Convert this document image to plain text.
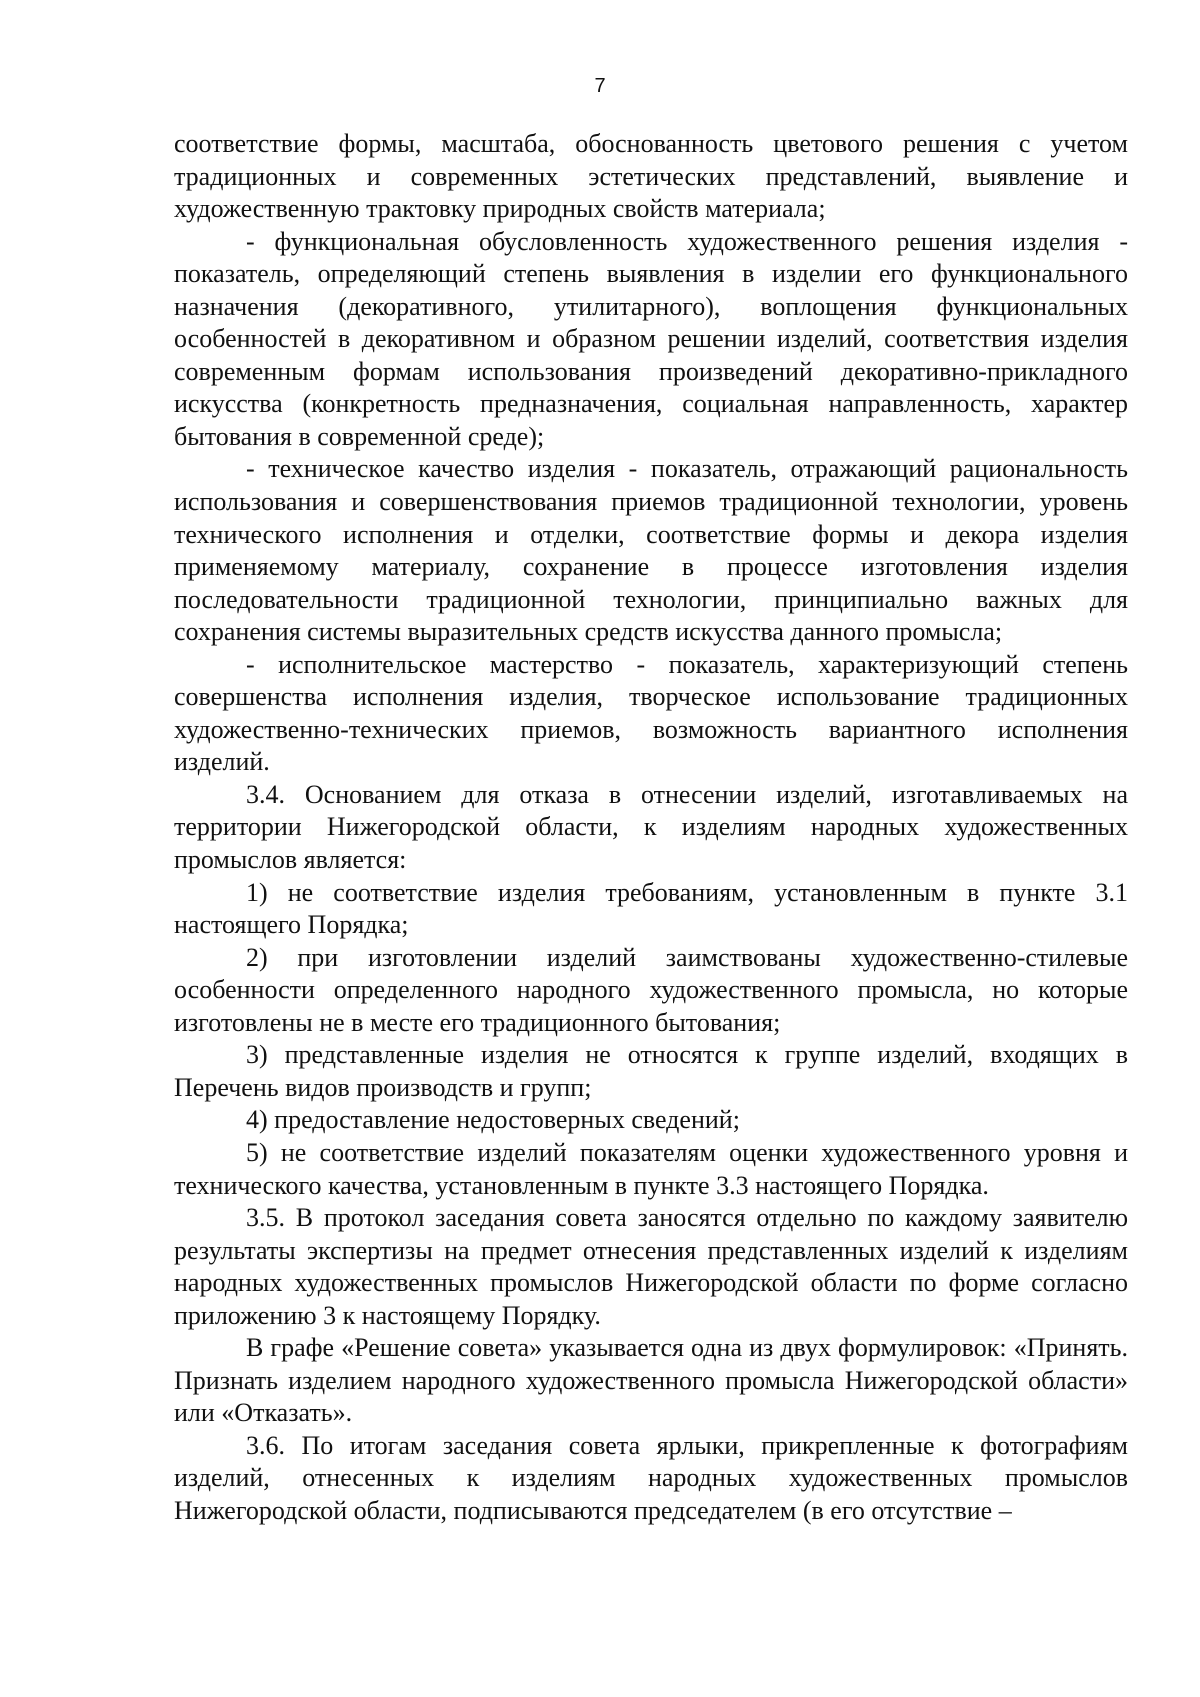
7

соответствие формы, масштаба, обоснованность цветового решения с учетом традиционных и современных эстетических представлений, выявление и художественную трактовку природных свойств материала;

- функциональная обусловленность художественного решения изделия - показатель, определяющий степень выявления в изделии его функционального назначения (декоративного, утилитарного), воплощения функциональных особенностей в декоративном и образном решении изделий, соответствия изделия современным формам использования произведений декоративно-прикладного искусства (конкретность предназначения, социальная направленность, характер бытования в современной среде);

- техническое качество изделия - показатель, отражающий рациональность использования и совершенствования приемов традиционной технологии, уровень технического исполнения и отделки, соответствие формы и декора изделия применяемому материалу, сохранение в процессе изготовления изделия последовательности традиционной технологии, принципиально важных для сохранения системы выразительных средств искусства данного промысла;

- исполнительское мастерство - показатель, характеризующий степень совершенства исполнения изделия, творческое использование традиционных художественно-технических приемов, возможность вариантного исполнения изделий.

3.4. Основанием для отказа в отнесении изделий, изготавливаемых на территории Нижегородской области, к изделиям народных художественных промыслов является:

1) не соответствие изделия требованиям, установленным в пункте 3.1 настоящего Порядка;

2) при изготовлении изделий заимствованы художественно-стилевые особенности определенного народного художественного промысла, но которые изготовлены не в месте его традиционного бытования;

3) представленные изделия не относятся к группе изделий, входящих в Перечень видов производств и групп;

4) предоставление недостоверных сведений;

5) не соответствие изделий показателям оценки художественного уровня и технического качества, установленным в пункте 3.3 настоящего Порядка.

3.5. В протокол заседания совета заносятся отдельно по каждому заявителю результаты экспертизы на предмет отнесения представленных изделий к изделиям народных художественных промыслов Нижегородской области по форме согласно приложению 3 к настоящему Порядку.

В графе «Решение совета» указывается одна из двух формулировок: «Принять. Признать изделием народного художественного промысла Нижегородской области» или «Отказать».

3.6. По итогам заседания совета ярлыки, прикрепленные к фотографиям изделий, отнесенных к изделиям народных художественных промыслов Нижегородской области, подписываются председателем (в его отсутствие –
